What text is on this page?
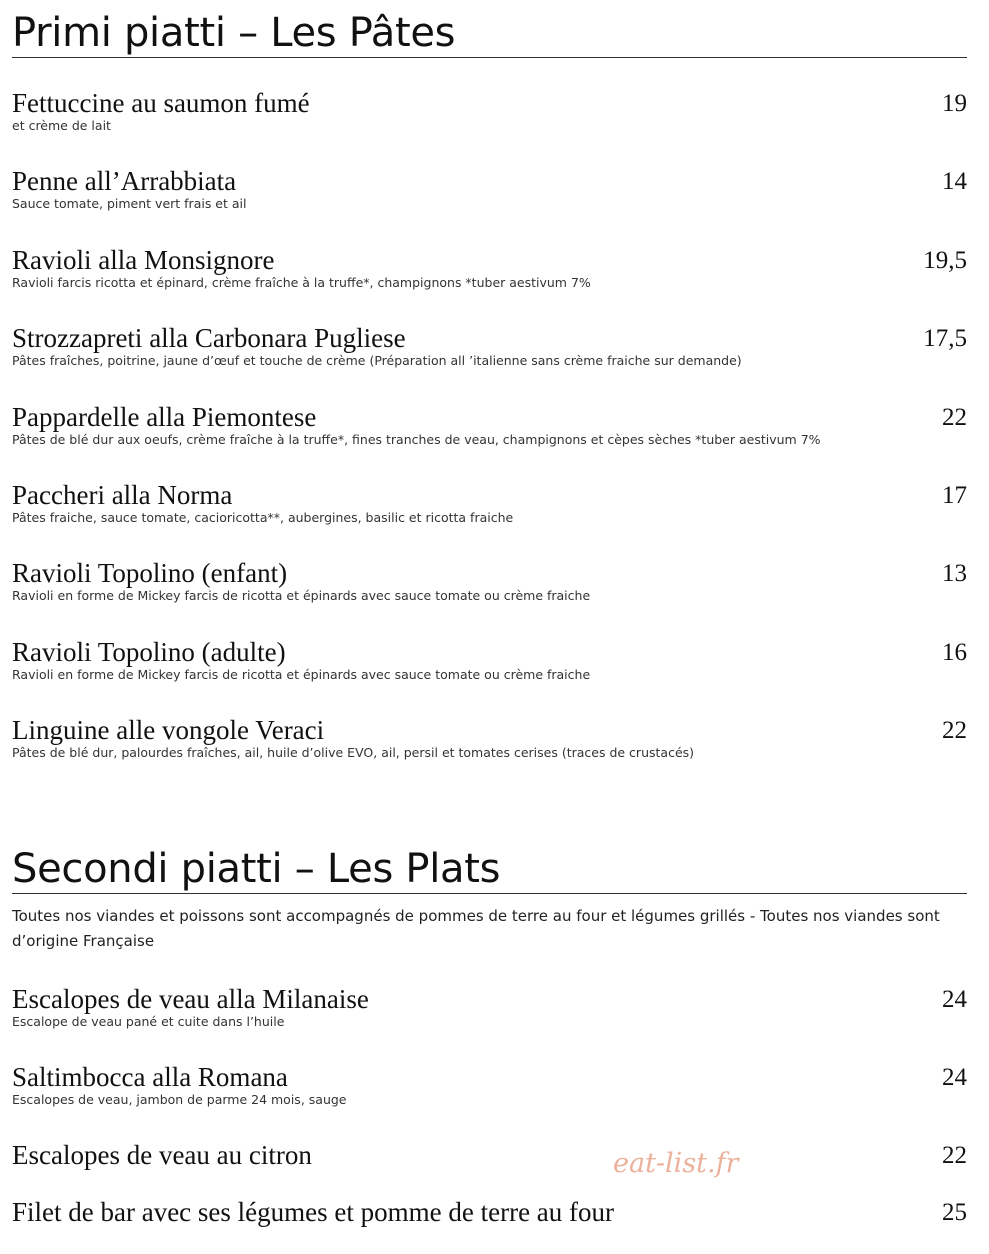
Primi piatti – Les Pâtes
Fettuccine au saumon fumé	19
et crème de lait
Penne all’Arrabbiata	14
Sauce tomate, piment vert frais et ail
Ravioli alla Monsignore	19,5
Ravioli farcis ricotta et épinard, crème fraîche à la truffe*, champignons *tuber aestivum 7%
Strozzapreti alla Carbonara Pugliese	17,5
Pâtes fraîches, poitrine, jaune d’œuf et touche de crème (Préparation all ’italienne sans crème fraiche sur demande)
Pappardelle alla Piemontese	22
Pâtes de blé dur aux oeufs, crème fraîche à la truffe*, fines tranches de veau, champignons et cèpes sèches *tuber aestivum 7%
Paccheri alla Norma	17
Pâtes fraiche, sauce tomate, cacioricotta**, aubergines, basilic et ricotta fraiche
Ravioli Topolino (enfant)	13
Ravioli en forme de Mickey farcis de ricotta et épinards avec sauce tomate ou crème fraiche
Ravioli Topolino (adulte)	16
Ravioli en forme de Mickey farcis de ricotta et épinards avec sauce tomate ou crème fraiche
Linguine alle vongole Veraci	22
Pâtes de blé dur, palourdes fraîches, ail, huile d’olive EVO, ail, persil et tomates cerises (traces de crustacés)
Secondi piatti – Les Plats
Toutes nos viandes et poissons sont accompagnés de pommes de terre au four et légumes grillés - Toutes nos viandes sont d’origine Française
Escalopes de veau alla Milanaise	24
Escalope de veau pané et cuite dans l’huile
Saltimbocca alla Romana	24
Escalopes de veau, jambon de parme 24 mois, sauge
Escalopes de veau au citron	22
Filet de bar avec ses légumes et pomme de terre au four	25
eat-list.fr
